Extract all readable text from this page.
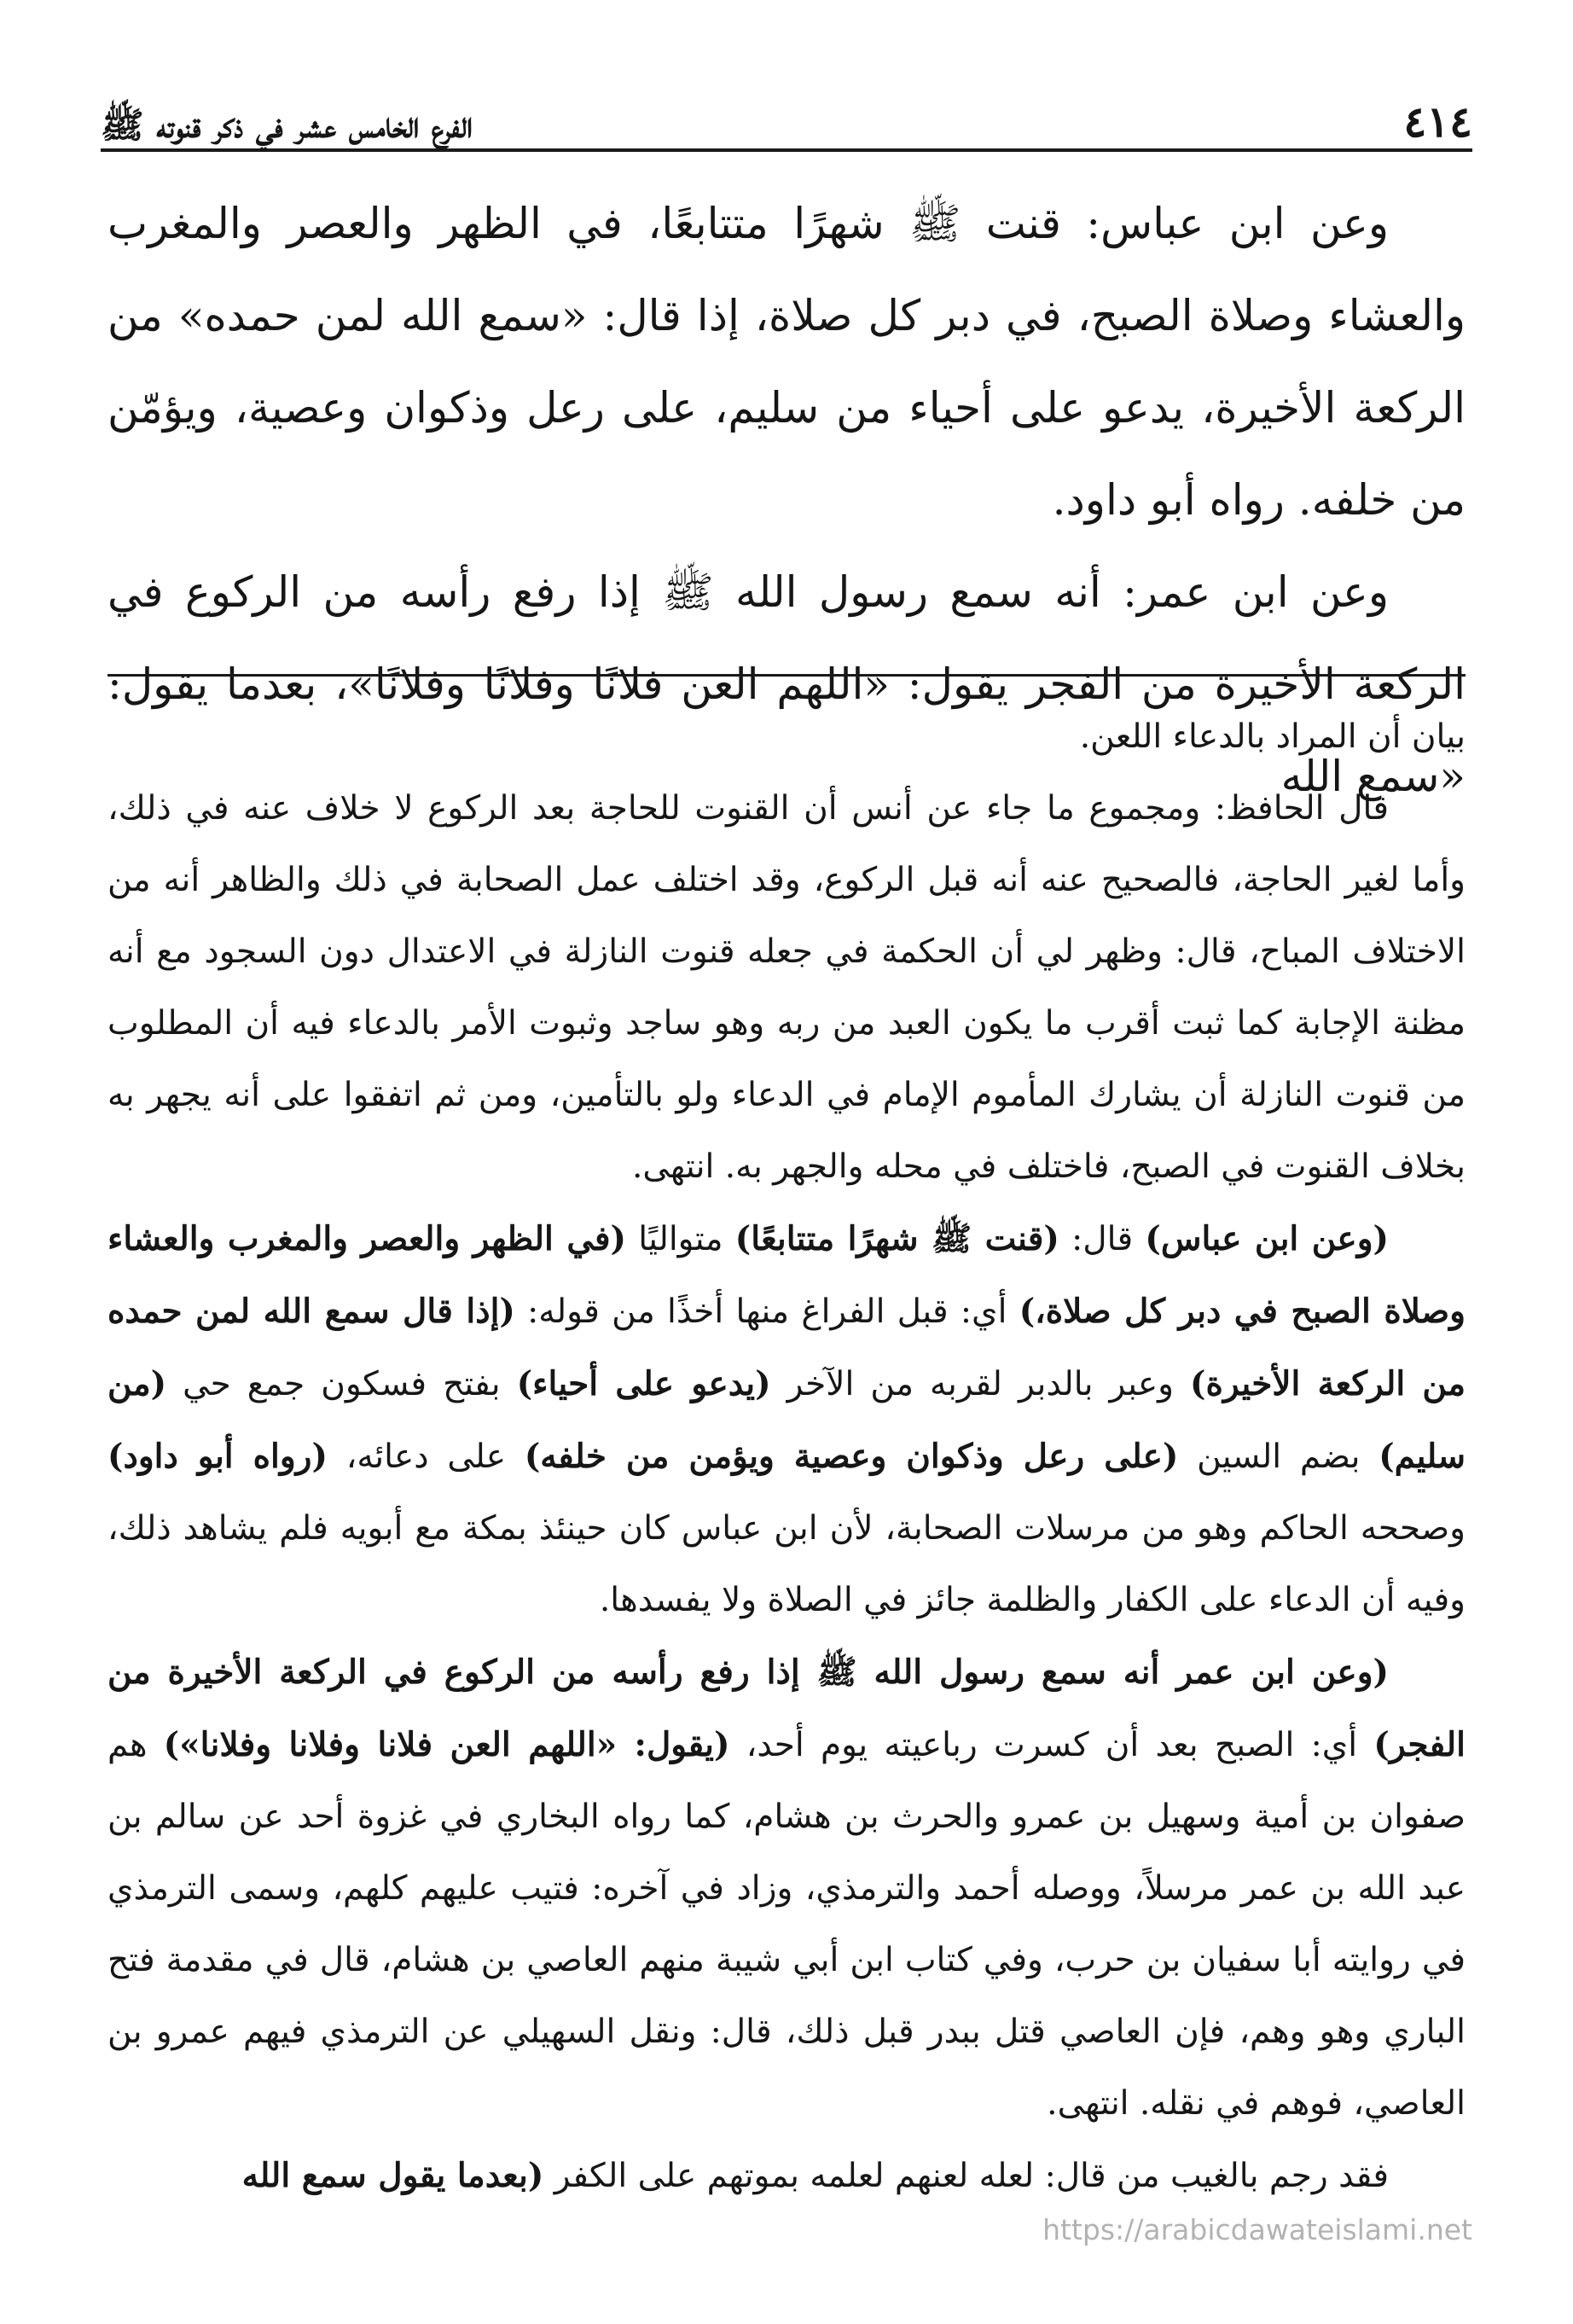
٤١٤
الفرع الخامس عشر في ذكر قنوته ﷺ

وعن ابن عباس: قنت ﷺ شهرًا متتابعًا، في الظهر والعصر والمغرب والعشاء وصلاة الصبح، في دبر كل صلاة، إذا قال: «سمع الله لمن حمده» من الركعة الأخيرة، يدعو على أحياء من سليم، على رعل وذكوان وعصية، ويؤمّن من خلفه. رواه أبو داود.

وعن ابن عمر: أنه سمع رسول الله ﷺ إذا رفع رأسه من الركوع في الركعة الأخيرة من الفجر يقول: «اللهم العن فلانًا وفلانًا وفلانًا»، بعدما يقول: «سمع الله

بيان أن المراد بالدعاء اللعن.

قال الحافظ: ومجموع ما جاء عن أنس أن القنوت للحاجة بعد الركوع لا خلاف عنه في ذلك، وأما لغير الحاجة، فالصحيح عنه أنه قبل الركوع، وقد اختلف عمل الصحابة في ذلك والظاهر أنه من الاختلاف المباح، قال: وظهر لي أن الحكمة في جعله قنوت النازلة في الاعتدال دون السجود مع أنه مظنة الإجابة كما ثبت أقرب ما يكون العبد من ربه وهو ساجد وثبوت الأمر بالدعاء فيه أن المطلوب من قنوت النازلة أن يشارك المأموم الإمام في الدعاء ولو بالتأمين، ومن ثم اتفقوا على أنه يجهر به بخلاف القنوت في الصبح، فاختلف في محله والجهر به. انتهى.

(وعن ابن عباس) قال: (قنت ﷺ شهرًا متتابعًا) متواليًا (في الظهر والعصر والمغرب والعشاء وصلاة الصبح في دبر كل صلاة،) أي: قبل الفراغ منها أخذًا من قوله: (إذا قال سمع الله لمن حمده من الركعة الأخيرة) وعبر بالدبر لقربه من الآخر (يدعو على أحياء) بفتح فسكون جمع حي (من سليم) بضم السين (على رعل وذكوان وعصية ويؤمن من خلفه) على دعائه، (رواه أبو داود) وصححه الحاكم وهو من مرسلات الصحابة، لأن ابن عباس كان حينئذ بمكة مع أبويه فلم يشاهد ذلك، وفيه أن الدعاء على الكفار والظلمة جائز في الصلاة ولا يفسدها.

(وعن ابن عمر أنه سمع رسول الله ﷺ إذا رفع رأسه من الركوع في الركعة الأخيرة من الفجر) أي: الصبح بعد أن كسرت رباعيته يوم أحد، (يقول: «اللهم العن فلانا وفلانا وفلانا») هم صفوان بن أمية وسهيل بن عمرو والحرث بن هشام، كما رواه البخاري في غزوة أحد عن سالم بن عبد الله بن عمر مرسلاً، ووصله أحمد والترمذي، وزاد في آخره: فتيب عليهم كلهم، وسمى الترمذي في روايته أبا سفيان بن حرب، وفي كتاب ابن أبي شيبة منهم العاصي بن هشام، قال في مقدمة فتح الباري وهو وهم، فإن العاصي قتل ببدر قبل ذلك، قال: ونقل السهيلي عن الترمذي فيهم عمرو بن العاصي، فوهم في نقله. انتهى.

فقد رجم بالغيب من قال: لعله لعنهم لعلمه بموتهم على الكفر (بعدما يقول سمع الله

https://arabicdawateislami.net
